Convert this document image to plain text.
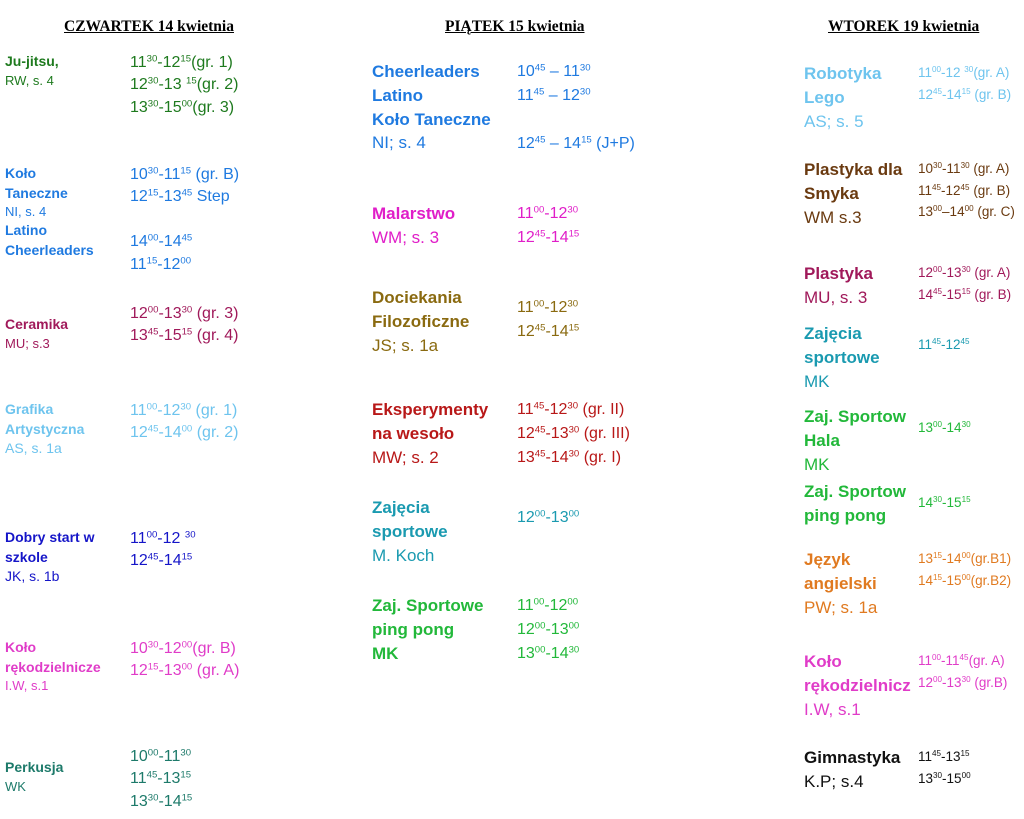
CZWARTEK 14 kwietnia
Ju-jitsu,
RW, s. 4
$11^{30}-12^{15}(gr$. 1)
$12^{30}-13$ $^{15}$(gr. 2)
$13^{30}-15^{00}(gr$. 3)
Koło
Taneczne
NI, s. 4
Latino
Cheerleaders
$10^{30}-11^{15}$ (gr. B)
$12^{15}-13^{45}$ Step

$14^{00}-14^{45}$
$11^{15}-12^{00}$
Ceramika
MU; s.3
$12^{00}-13^{30}$ (gr. 3)
$13^{45}-15^{15}$ (gr. 4)
Grafika
Artystyczna
AS, s. 1a
$11^{00}-12^{30}$ (gr. 1)
$12^{45}-14^{00}$ (gr. 2)
Dobry start w
szkole
JK, s. 1b
$11^{00}-12$ $^{30}$
$12^{45}-14^{15}$
Koło
rękodzielnicze
I.W, s.1
$10^{30}-12^{00}(gr$. B)
$12^{15}-13^{00}$ (gr. A)
Perkusja
WK
$10^{00}-11^{30}$
$11^{45}-13^{15}$
$13^{30}-14^{15}$
PIĄTEK 15 kwietnia
Cheerleaders
Latino
Koło Taneczne
NI; s. 4
$10^{45} - 11^{30}$
$11^{45} - 12^{30}$

$12^{45} - 14^{15}$ (J+P)
Malarstwo
WM; s. 3
$11^{00}-12^{30}$
$12^{45}-14^{15}$
Dociekania
Filozoficzne
JS; s. 1a
$11^{00}-12^{30}$
$12^{45}-14^{15}$
Eksperymenty
na wesoło
MW; s. 2
$11^{45}-12^{30}$ (gr. II)
$12^{45}-13^{30}$ (gr. III)
$13^{45}-14^{30}$ (gr. I)
Zajęcia
sportowe
M. Koch
$12^{00}-13^{00}$
Zaj. Sportowe
ping pong
MK
$11^{00}-12^{00}$
$12^{00}-13^{00}$
$13^{00}-14^{30}$
WTOREK 19 kwietnia
Robotyka
Lego
AS; s. 5
$11^{00}-12$ $^{30}$(gr. A)
$12^{45}-14^{15}$ (gr. B)
Plastyka dla
Smyka
WM s.3
$10^{30}-11^{30}$ (gr. A)
$11^{45}-12^{45}$ (gr. B)
$13^{00}-14^{00}$ (gr. C)
Plastyka
MU, s. 3
$12^{00}-13^{30}$ (gr. A)
$14^{45}-15^{15}$ (gr. B)
Zajęcia
sportowe
MK
$11^{45}-12^{45}$
Zaj. Sportow
Hala
MK
$13^{00}-14^{30}$
Zaj. Sportow
ping pong
$14^{30}-15^{15}$
Język
angielski
PW; s. 1a
$13^{15}-14^{00}(gr.B1)$
$14^{15}-15^{00}(gr.B2)$
Koło
rękodzielnicz
I.W, s.1
$11^{00}-11^{45}(gr$. A)
$12^{00}-13^{30}$ (gr.B)
Gimnastyka
K.P; s.4
$11^{45}-13^{15}$
$13^{30}-15^{00}$
